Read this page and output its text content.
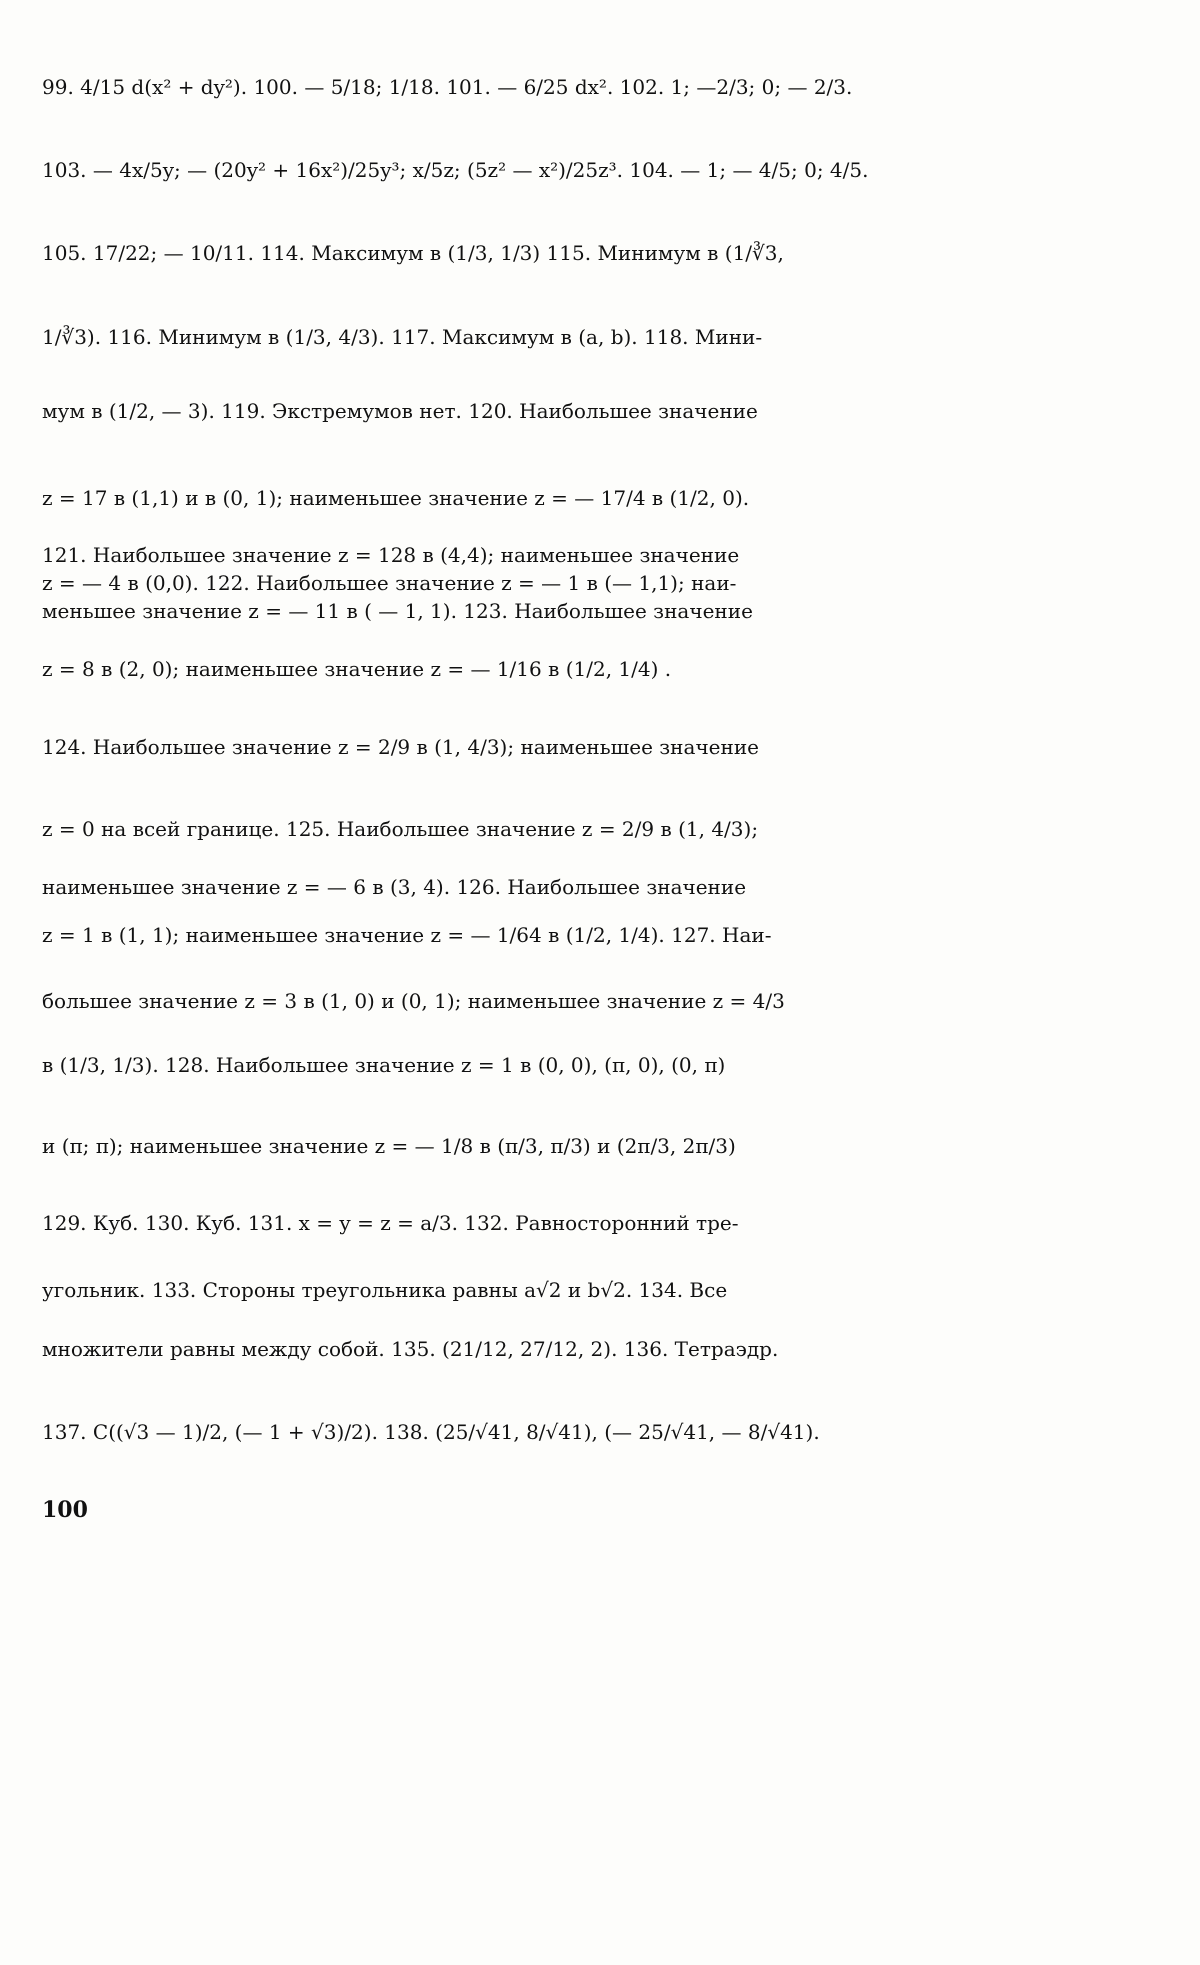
99. 4/15 d(x² + dy²). 100. — 5/18; 1/18. 101. — 6/25 dx². 102. 1; —2/3; 0; — 2/3.
103. — 4x/5y; — (20y² + 16x²)/25y³; x/5z; (5z² — x²)/25z³. 104. — 1; — 4/5; 0; 4/5.
105. 17/22; — 10/11. 114. Максимум в (1/3, 1/3) 115. Минимум в (1/∛3,
1/∛3). 116. Минимум в (1/3, 4/3). 117. Максимум в (a, b). 118. Мини-
мум в (1/2, — 3). 119. Экстремумов нет. 120. Наибольшее значение
z = 17 в (1,1) и в (0, 1); наименьшее значение z = — 17/4 в (1/2, 0).
121. Наибольшее значение z = 128 в (4,4); наименьшее значение
z = — 4 в (0,0). 122. Наибольшее значение z = — 1 в (— 1,1); наи-
меньшее значение z = — 11 в ( — 1, 1). 123. Наибольшее значение
z = 8 в (2, 0); наименьшее значение z = — 1/16 в (1/2, 1/4) .
124. Наибольшее значение z = 2/9 в (1, 4/3); наименьшее значение
z = 0 на всей границе. 125. Наибольшее значение z = 2/9 в (1, 4/3);
наименьшее значение z = — 6 в (3, 4). 126. Наибольшее значение
z = 1 в (1, 1); наименьшее значение z = — 1/64 в (1/2, 1/4). 127. Наи-
большее значение z = 3 в (1, 0) и (0, 1); наименьшее значение z = 4/3
в (1/3, 1/3). 128. Наибольшее значение z = 1 в (0, 0), (π, 0), (0, π)
и (π; π); наименьшее значение z = — 1/8 в (π/3, π/3) и (2π/3, 2π/3)
129. Куб. 130. Куб. 131. x = y = z = a/3. 132. Равносторонний тре-
угольник. 133. Стороны треугольника равны a√2 и b√2. 134. Все
множители равны между собой. 135. (21/12, 27/12, 2). 136. Тетраэдр.
137. C((√3 — 1)/2, (— 1 + √3)/2). 138. (25/√41, 8/√41), (— 25/√41, — 8/√41).
100
